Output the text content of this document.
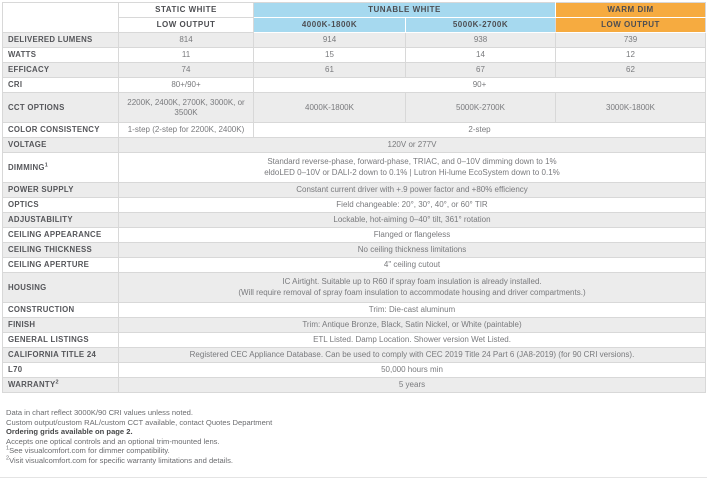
	STATIC WHITE	TUNABLE WHITE		WARM DIM
	LOW OUTPUT	4000K-1800K	5000K-2700K	LOW OUTPUT
DELIVERED LUMENS	814	914	938	739
WATTS	11	15	14	12
EFFICACY	74	61	67	62
CRI	80+/90+	90+		
CCT OPTIONS	2200K, 2400K, 2700K, 3000K, or 3500K	4000K-1800K	5000K-2700K	3000K-1800K
COLOR CONSISTENCY	1-step (2-step for 2200K, 2400K)	2-step		
VOLTAGE	120V or 277V			
DIMMING$^1$	Standard reverse-phase, forward-phase, TRIAC, and 0–10V dimming down to 1%
eldoLED 0–10V or DALI-2 down to 0.1% | Lutron Hi-lume EcoSystem down to 0.1%			

POWER SUPPLY	Constant current driver with +.9 power factor and +80% efficiency			
OPTICS	Field changeable: 20°, 30°, 40°, or 60° TIR			
ADJUSTABILITY	Lockable, hot-aiming 0–40° tilt, 361° rotation			
CEILING APPEARANCE	Flanged or flangeless			
CEILING THICKNESS	No ceiling thickness limitations			
CEILING APERTURE	4" ceiling cutout			
HOUSING	IC Airtight. Suitable up to R60 if spray foam insulation is already installed.
(Will require removal of spray foam insulation to accommodate housing and driver compartments.)			

CONSTRUCTION	Trim: Die-cast aluminum			
FINISH	Trim: Antique Bronze, Black, Satin Nickel, or White (paintable)			
GENERAL LISTINGS	ETL Listed. Damp Location. Shower version Wet Listed.			
CALIFORNIA TITLE 24	Registered CEC Appliance Database. Can be used to comply with CEC 2019 Title 24 Part 6 (JA8-2019) (for 90 CRI versions).			
L70	50,000 hours min			
WARRANTY$^2$	5 years			
Data in chart reflect 3000K/90 CRI values unless noted.
Custom output/custom RAL/custom CCT available, contact Quotes Department
Ordering grids available on page 2.
Accepts one optical controls and an optional trim-mounted lens.
$^1$See visualcomfort.com for dimmer compatibility.
$^2$Visit visualcomfort.com for specific warranty limitations and details.
